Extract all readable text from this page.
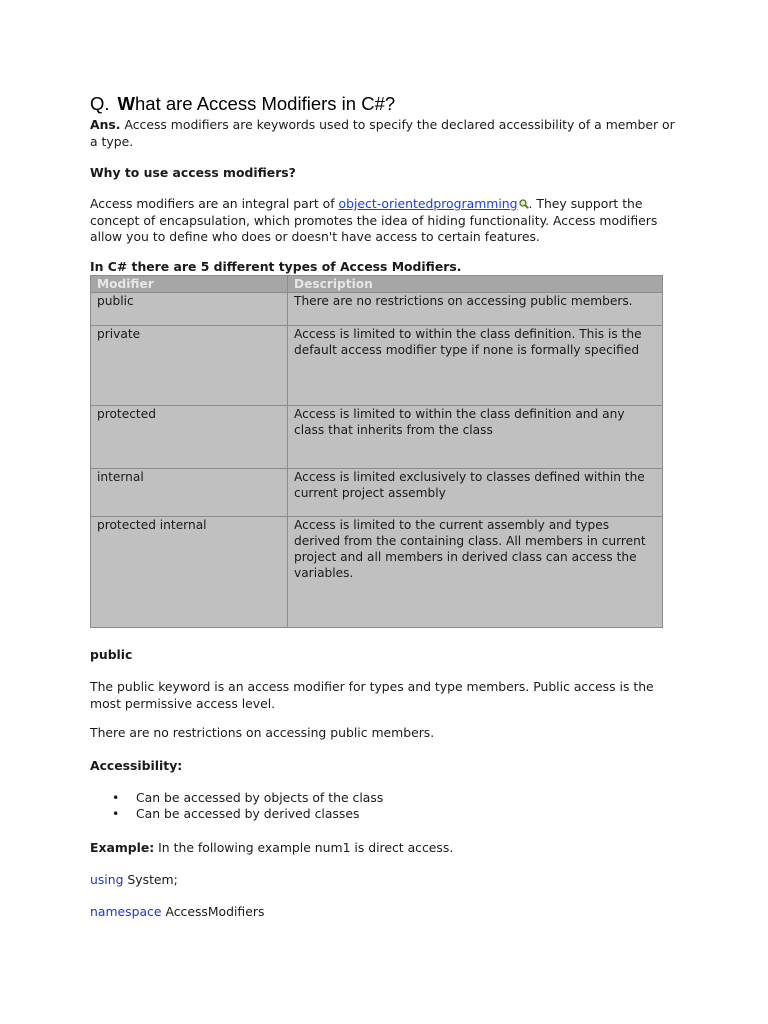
Q. What are Access Modifiers in C#?

Ans. Access modifiers are keywords used to specify the declared accessibility of a member or a type.

Why to use access modifiers?

Access modifiers are an integral part of object-orientedprogramming . They support the concept of encapsulation, which promotes the idea of hiding functionality. Access modifiers allow you to define who does or doesn't have access to certain features.

In C# there are 5 different types of Access Modifiers.

Modifier	Description
public	There are no restrictions on accessing public members.
private	Access is limited to within the class definition. This is the default access modifier type if none is formally specified
protected	Access is limited to within the class definition and any class that inherits from the class
internal	Access is limited exclusively to classes defined within the current project assembly
protected internal	Access is limited to the current assembly and types derived from the containing class. All members in current project and all members in derived class can access the variables.

public

The public keyword is an access modifier for types and type members. Public access is the most permissive access level.

There are no restrictions on accessing public members.

Accessibility:

• Can be accessed by objects of the class
• Can be accessed by derived classes

Example: In the following example num1 is direct access.

using System;

namespace AccessModifiers
